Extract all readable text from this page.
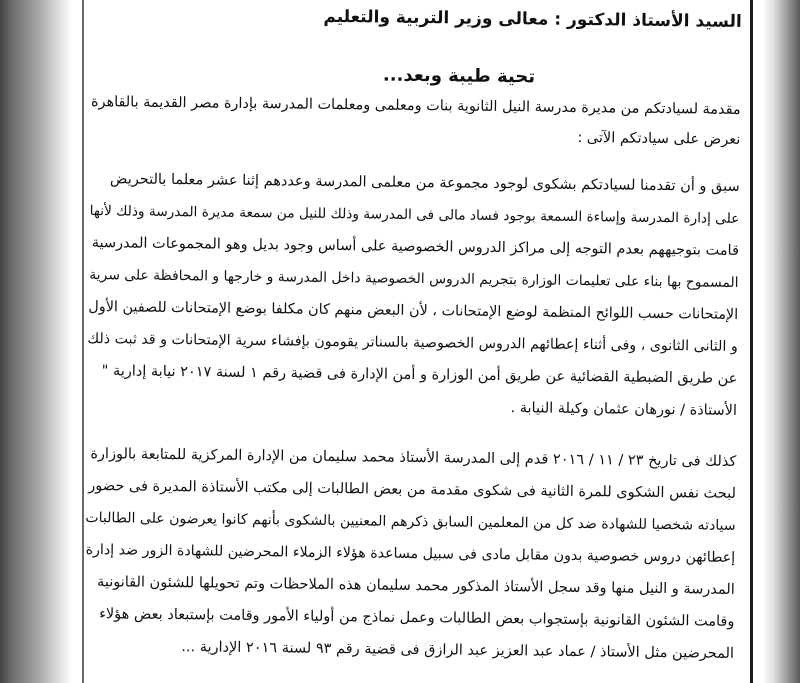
السيد الأستاذ الدكتور : معالى وزير التربية والتعليم
تحية طيبة وبعد...
مقدمة لسيادتكم من مديرة مدرسة النيل الثانوية بنات ومعلمى ومعلمات المدرسة بإدارة مصر القديمة بالقاهرة
نعرض على سيادتكم الآتى :
سبق و أن تقدمنا لسيادتكم بشكوى لوجود مجموعة من معلمى المدرسة وعددهم إثنا عشر معلما بالتحريض
على إدارة المدرسة وإساءة السمعة بوجود فساد مالى فى المدرسة وذلك للنيل من سمعة مديرة المدرسة وذلك لأنها
قامت بتوجيههم بعدم التوجه إلى مراكز الدروس الخصوصية على أساس وجود بديل وهو المجموعات المدرسية
المسموح بها بناء على تعليمات الوزارة بتجريم الدروس الخصوصية داخل المدرسة و خارجها و المحافظة على سرية
الإمتحانات حسب اللوائح المنظمة لوضع الإمتحانات ، لأن البعض منهم كان مكلفا بوضع الإمتحانات للصفين الأول
و الثانى الثانوى ، وفى أثناء إعطائهم الدروس الخصوصية بالسناتر يقومون بإفشاء سرية الإمتحانات و قد ثبت ذلك
عن طريق الضبطية القضائية عن طريق أمن الوزارة و أمن الإدارة فى قضية رقم ١ لسنة ٢٠١٧ نيابة إدارية "
الأستاذة / نورهان عثمان وكيلة النيابة .
كذلك فى تاريخ ٢٣ / ١١ / ٢٠١٦ قدم إلى المدرسة الأستاذ محمد سليمان من الإدارة المركزية للمتابعة بالوزارة
لبحث نفس الشكوى للمرة الثانية فى شكوى مقدمة من بعض الطالبات إلى مكتب الأستاذة المديرة فى حضور
سيادته شخصيا للشهادة ضد كل من المعلمين السابق ذكرهم المعنيين بالشكوى بأنهم كانوا يعرضون على الطالبات
إعطائهن دروس خصوصية بدون مقابل مادى فى سبيل مساعدة هؤلاء الزملاء المحرضين للشهادة الزور ضد إدارة
المدرسة و النيل منها وقد سجل الأستاذ المذكور محمد سليمان هذه الملاحظات وتم تحويلها للشئون القانونية
وقامت الشئون القانونية بإستجواب بعض الطالبات وعمل نماذج من أولياء الأمور وقامت بإستبعاد بعض هؤلاء
المحرضين مثل الأستاذ / عماد عبد العزيز عبد الرازق فى قضية رقم ٩٣ لسنة ٢٠١٦ الإدارية ...
